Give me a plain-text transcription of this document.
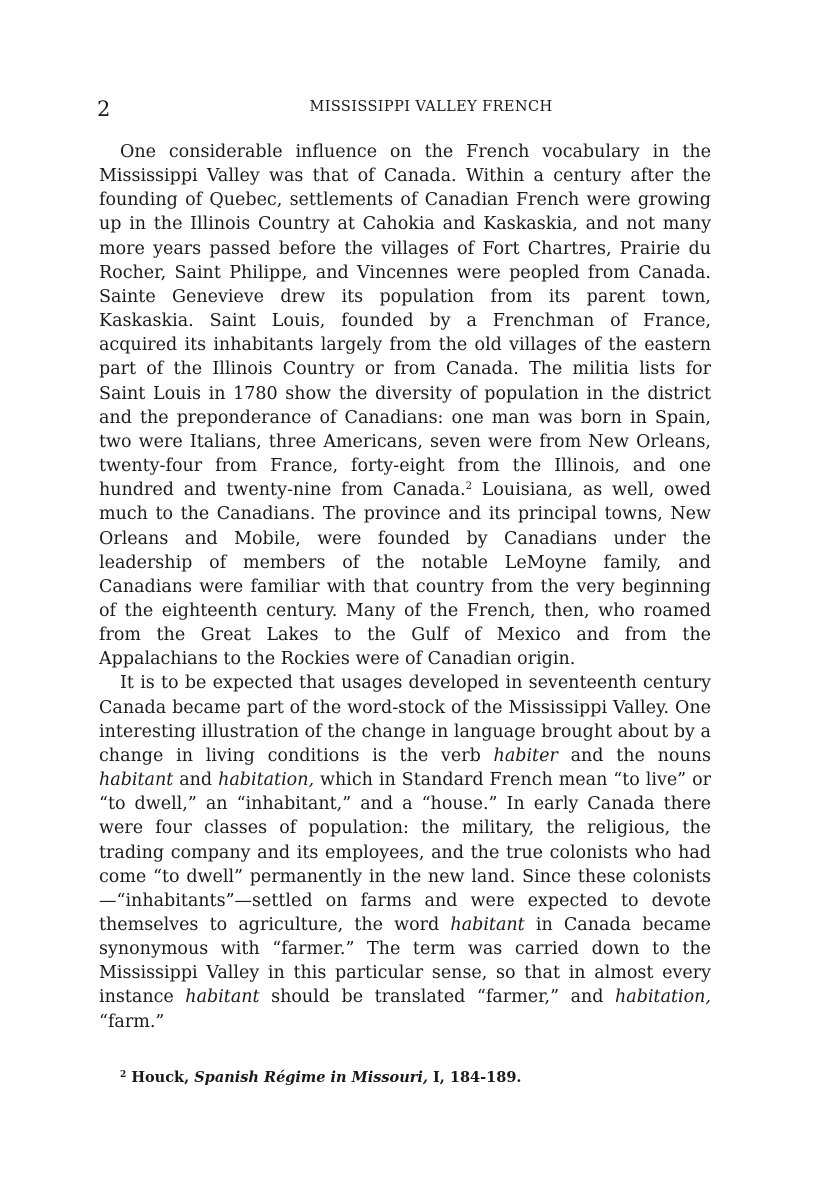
2	MISSISSIPPI VALLEY FRENCH

One considerable influence on the French vocabulary in the Mississippi Valley was that of Canada. Within a century after the founding of Quebec, settlements of Canadian French were growing up in the Illinois Country at Cahokia and Kaskaskia, and not many more years passed before the villages of Fort Chartres, Prairie du Rocher, Saint Philippe, and Vincennes were peopled from Canada. Sainte Genevieve drew its population from its parent town, Kaskaskia. Saint Louis, founded by a Frenchman of France, acquired its inhabitants largely from the old villages of the eastern part of the Illinois Country or from Canada. The militia lists for Saint Louis in 1780 show the diversity of population in the district and the preponderance of Canadians: one man was born in Spain, two were Italians, three Americans, seven were from New Orleans, twenty-four from France, forty-eight from the Illinois, and one hundred and twenty-nine from Canada.$^2$ Louisiana, as well, owed much to the Canadians. The province and its principal towns, New Orleans and Mobile, were founded by Canadians under the leadership of members of the notable LeMoyne family, and Canadians were familiar with that country from the very beginning of the eighteenth century. Many of the French, then, who roamed from the Great Lakes to the Gulf of Mexico and from the Appalachians to the Rockies were of Canadian origin.

It is to be expected that usages developed in seventeenth century Canada became part of the word-stock of the Mississippi Valley. One interesting illustration of the change in language brought about by a change in living conditions is the verb habiter and the nouns habitant and habitation, which in Standard French mean “to live” or “to dwell,” an “inhabitant,” and a “house.” In early Canada there were four classes of population: the military, the religious, the trading company and its employees, and the true colonists who had come “to dwell” permanently in the new land. Since these colonists—“inhabitants”—settled on farms and were expected to devote themselves to agriculture, the word habitant in Canada became synonymous with “farmer.” The term was carried down to the Mississippi Valley in this particular sense, so that in almost every instance habitant should be translated “farmer,” and habitation, “farm.”

$^2$ Houck, Spanish Régime in Missouri, I, 184-189.
